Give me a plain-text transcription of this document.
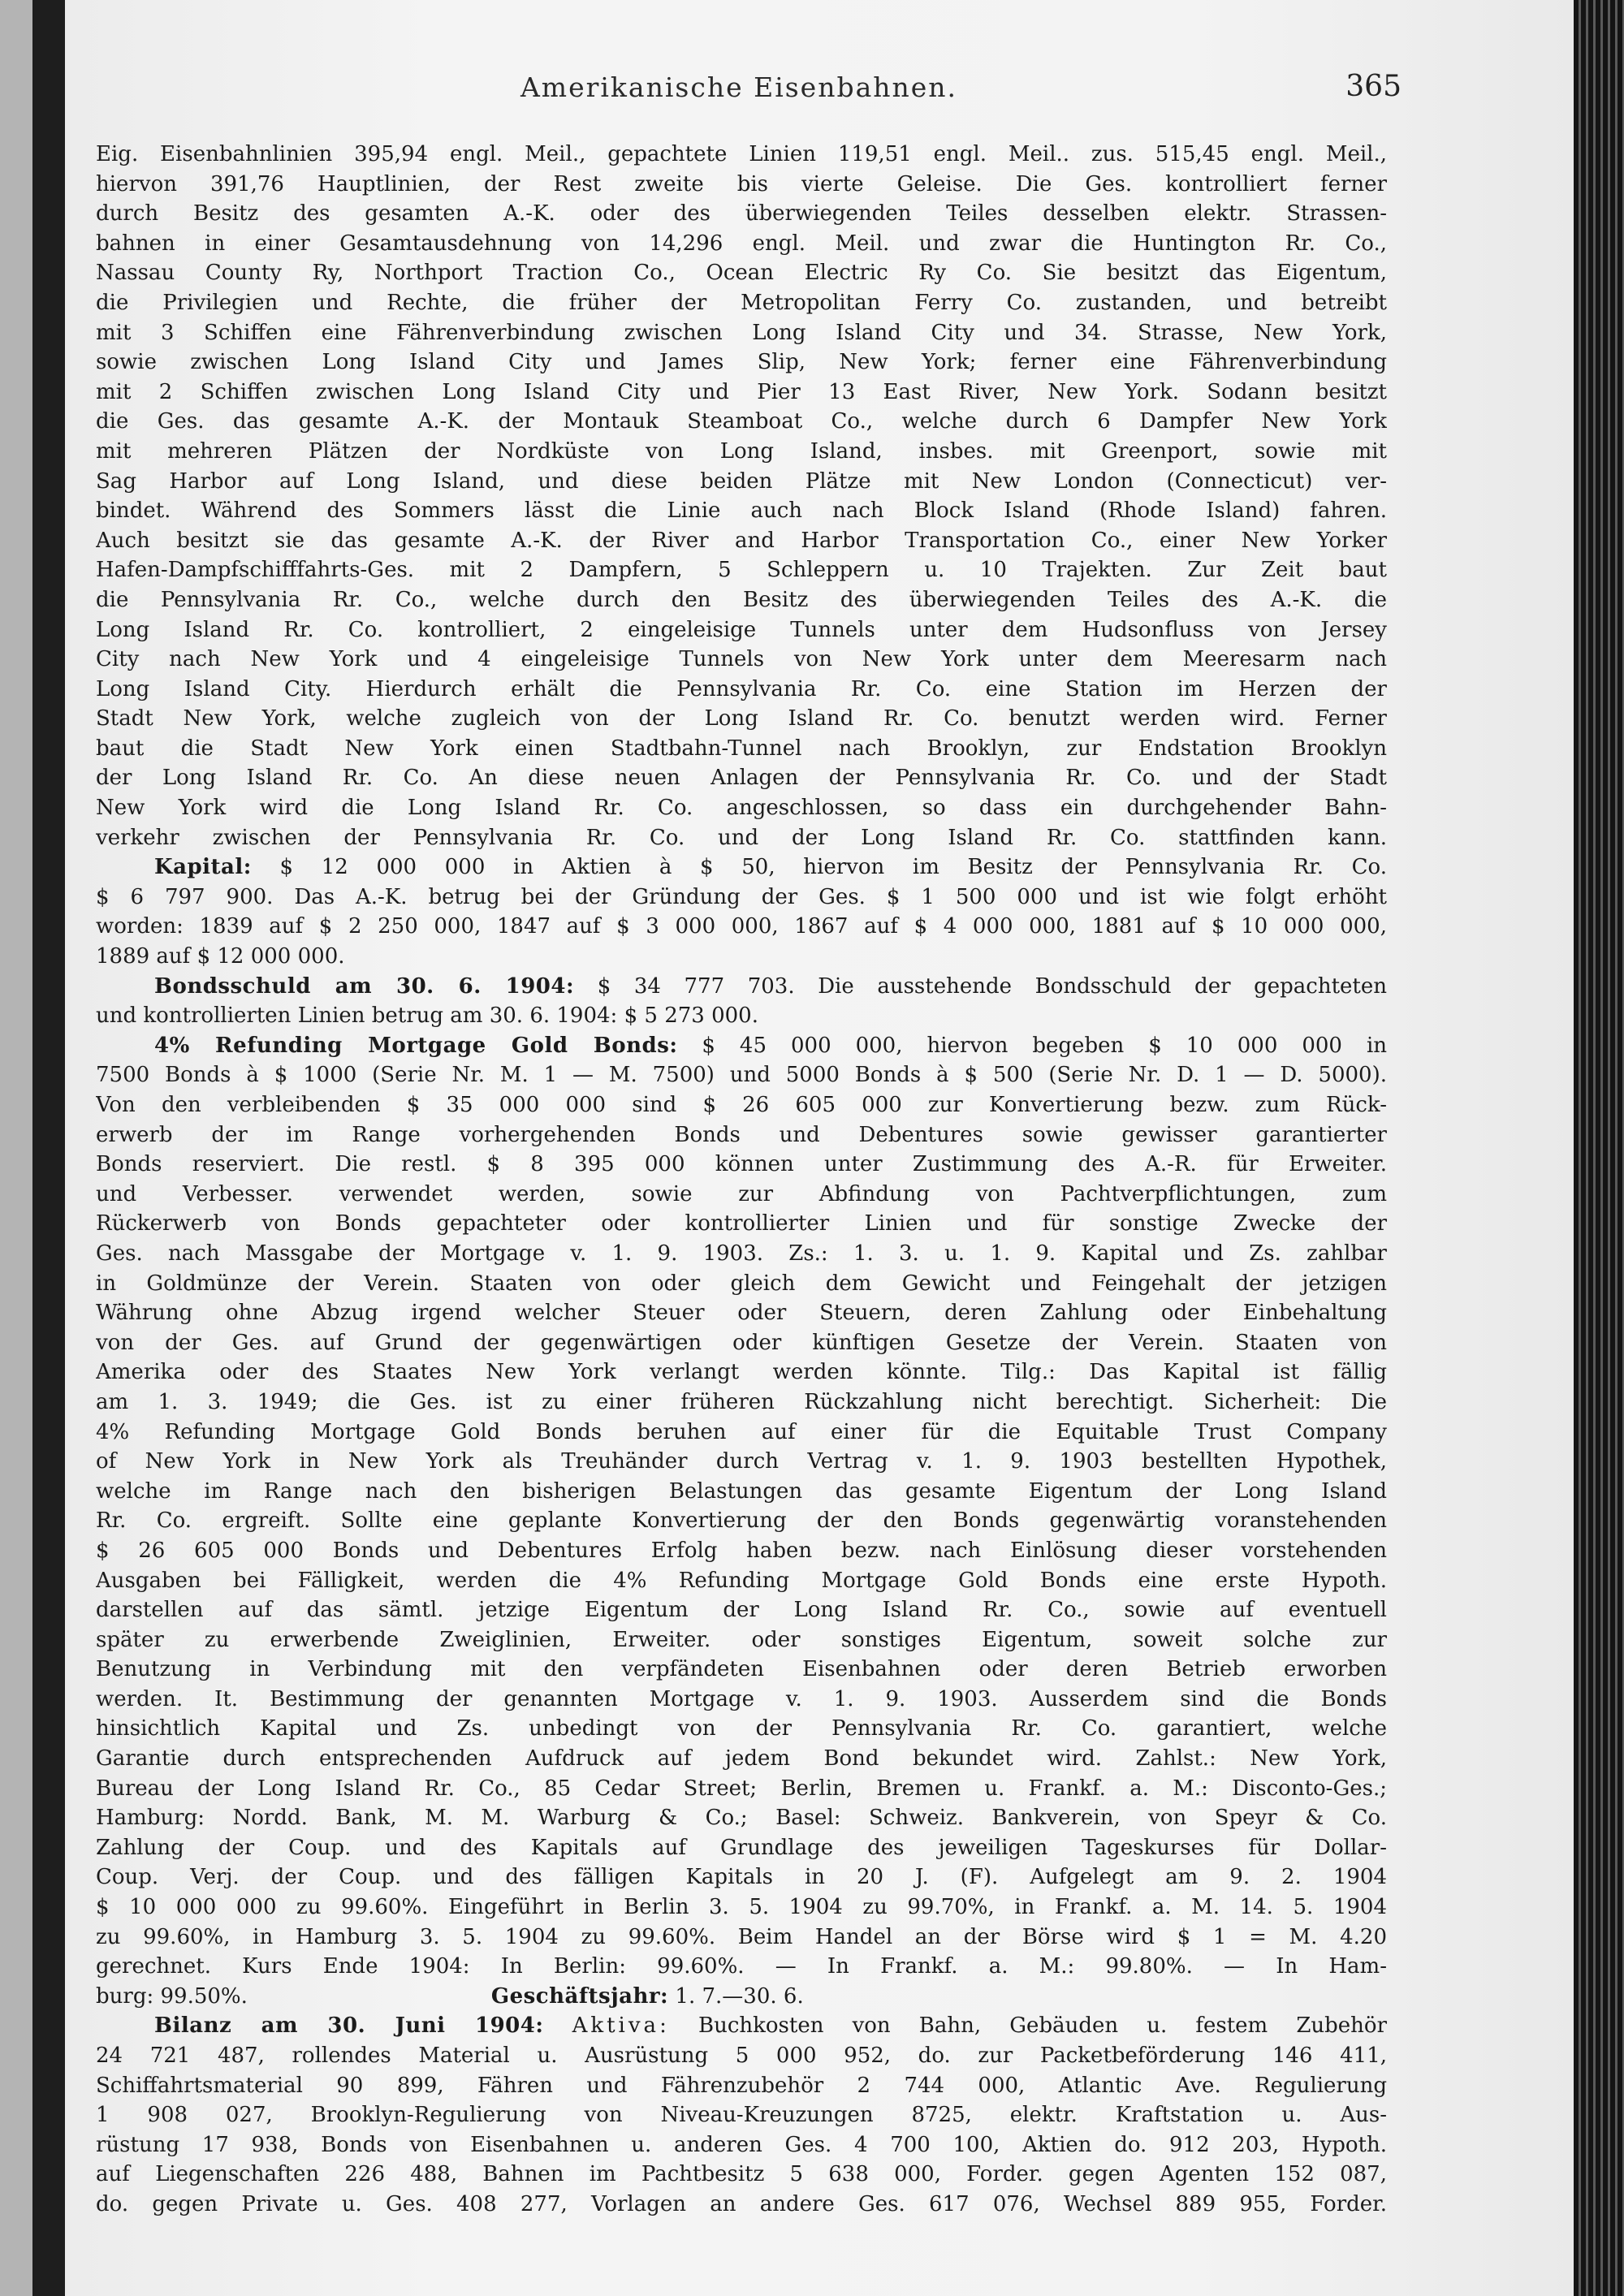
Amerikanische Eisenbahnen.	365
Eig. Eisenbahnlinien 395,94 engl. Meil., gepachtete Linien 119,51 engl. Meil.. zus. 515,45 engl. Meil.,
hiervon 391,76 Hauptlinien, der Rest zweite bis vierte Geleise. Die Ges. kontrolliert ferner
durch Besitz des gesamten A.-K. oder des überwiegenden Teiles desselben elektr. Strassen-
bahnen in einer Gesamtausdehnung von 14,296 engl. Meil. und zwar die Huntington Rr. Co.,
Nassau County Ry, Northport Traction Co., Ocean Electric Ry Co. Sie besitzt das Eigentum,
die Privilegien und Rechte, die früher der Metropolitan Ferry Co. zustanden, und betreibt
mit 3 Schiffen eine Fährenverbindung zwischen Long Island City und 34. Strasse, New York,
sowie zwischen Long Island City und James Slip, New York; ferner eine Fährenverbindung
mit 2 Schiffen zwischen Long Island City und Pier 13 East River, New York. Sodann besitzt
die Ges. das gesamte A.-K. der Montauk Steamboat Co., welche durch 6 Dampfer New York
mit mehreren Plätzen der Nordküste von Long Island, insbes. mit Greenport, sowie mit
Sag Harbor auf Long Island, und diese beiden Plätze mit New London (Connecticut) ver-
bindet. Während des Sommers lässt die Linie auch nach Block Island (Rhode Island) fahren.
Auch besitzt sie das gesamte A.-K. der River and Harbor Transportation Co., einer New Yorker
Hafen-Dampfschifffahrts-Ges. mit 2 Dampfern, 5 Schleppern u. 10 Trajekten. Zur Zeit baut
die Pennsylvania Rr. Co., welche durch den Besitz des überwiegenden Teiles des A.-K. die
Long Island Rr. Co. kontrolliert, 2 eingeleisige Tunnels unter dem Hudsonfluss von Jersey
City nach New York und 4 eingeleisige Tunnels von New York unter dem Meeresarm nach
Long Island City. Hierdurch erhält die Pennsylvania Rr. Co. eine Station im Herzen der
Stadt New York, welche zugleich von der Long Island Rr. Co. benutzt werden wird. Ferner
baut die Stadt New York einen Stadtbahn-Tunnel nach Brooklyn, zur Endstation Brooklyn
der Long Island Rr. Co. An diese neuen Anlagen der Pennsylvania Rr. Co. und der Stadt
New York wird die Long Island Rr. Co. angeschlossen, so dass ein durchgehender Bahn-
verkehr zwischen der Pennsylvania Rr. Co. und der Long Island Rr. Co. stattfinden kann.
Kapital: $ 12 000 000 in Aktien à $ 50, hiervon im Besitz der Pennsylvania Rr. Co.
$ 6 797 900. Das A.-K. betrug bei der Gründung der Ges. $ 1 500 000 und ist wie folgt erhöht
worden: 1839 auf $ 2 250 000, 1847 auf $ 3 000 000, 1867 auf $ 4 000 000, 1881 auf $ 10 000 000,
1889 auf $ 12 000 000.
Bondsschuld am 30. 6. 1904: $ 34 777 703. Die ausstehende Bondsschuld der gepachteten
und kontrollierten Linien betrug am 30. 6. 1904: $ 5 273 000.
4% Refunding Mortgage Gold Bonds: $ 45 000 000, hiervon begeben $ 10 000 000 in
7500 Bonds à $ 1000 (Serie Nr. M. 1 — M. 7500) und 5000 Bonds à $ 500 (Serie Nr. D. 1 — D. 5000).
Von den verbleibenden $ 35 000 000 sind $ 26 605 000 zur Konvertierung bezw. zum Rück-
erwerb der im Range vorhergehenden Bonds und Debentures sowie gewisser garantierter
Bonds reserviert. Die restl. $ 8 395 000 können unter Zustimmung des A.-R. für Erweiter.
und Verbesser. verwendet werden, sowie zur Abfindung von Pachtverpflichtungen, zum
Rückerwerb von Bonds gepachteter oder kontrollierter Linien und für sonstige Zwecke der
Ges. nach Massgabe der Mortgage v. 1. 9. 1903. Zs.: 1. 3. u. 1. 9. Kapital und Zs. zahlbar
in Goldmünze der Verein. Staaten von oder gleich dem Gewicht und Feingehalt der jetzigen
Währung ohne Abzug irgend welcher Steuer oder Steuern, deren Zahlung oder Einbehaltung
von der Ges. auf Grund der gegenwärtigen oder künftigen Gesetze der Verein. Staaten von
Amerika oder des Staates New York verlangt werden könnte. Tilg.: Das Kapital ist fällig
am 1. 3. 1949; die Ges. ist zu einer früheren Rückzahlung nicht berechtigt. Sicherheit: Die
4% Refunding Mortgage Gold Bonds beruhen auf einer für die Equitable Trust Company
of New York in New York als Treuhänder durch Vertrag v. 1. 9. 1903 bestellten Hypothek,
welche im Range nach den bisherigen Belastungen das gesamte Eigentum der Long Island
Rr. Co. ergreift. Sollte eine geplante Konvertierung der den Bonds gegenwärtig voranstehenden
$ 26 605 000 Bonds und Debentures Erfolg haben bezw. nach Einlösung dieser vorstehenden
Ausgaben bei Fälligkeit, werden die 4% Refunding Mortgage Gold Bonds eine erste Hypoth.
darstellen auf das sämtl. jetzige Eigentum der Long Island Rr. Co., sowie auf eventuell
später zu erwerbende Zweiglinien, Erweiter. oder sonstiges Eigentum, soweit solche zur
Benutzung in Verbindung mit den verpfändeten Eisenbahnen oder deren Betrieb erworben
werden. It. Bestimmung der genannten Mortgage v. 1. 9. 1903. Ausserdem sind die Bonds
hinsichtlich Kapital und Zs. unbedingt von der Pennsylvania Rr. Co. garantiert, welche
Garantie durch entsprechenden Aufdruck auf jedem Bond bekundet wird. Zahlst.: New York,
Bureau der Long Island Rr. Co., 85 Cedar Street; Berlin, Bremen u. Frankf. a. M.: Disconto-Ges.;
Hamburg: Nordd. Bank, M. M. Warburg & Co.; Basel: Schweiz. Bankverein, von Speyr & Co.
Zahlung der Coup. und des Kapitals auf Grundlage des jeweiligen Tageskurses für Dollar-
Coup. Verj. der Coup. und des fälligen Kapitals in 20 J. (F). Aufgelegt am 9. 2. 1904
$ 10 000 000 zu 99.60%. Eingeführt in Berlin 3. 5. 1904 zu 99.70%, in Frankf. a. M. 14. 5. 1904
zu 99.60%, in Hamburg 3. 5. 1904 zu 99.60%. Beim Handel an der Börse wird $ 1 = M. 4.20
gerechnet. Kurs Ende 1904: In Berlin: 99.60%. — In Frankf. a. M.: 99.80%. — In Ham-
burg: 99.50%.	Geschäftsjahr: 1. 7.—30. 6.
Bilanz am 30. Juni 1904: Aktiva: Buchkosten von Bahn, Gebäuden u. festem Zubehör
24 721 487, rollendes Material u. Ausrüstung 5 000 952, do. zur Packetbeförderung 146 411,
Schiffahrtsmaterial 90 899, Fähren und Fährenzubehör 2 744 000, Atlantic Ave. Regulierung
1 908 027, Brooklyn-Regulierung von Niveau-Kreuzungen 8725, elektr. Kraftstation u. Aus-
rüstung 17 938, Bonds von Eisenbahnen u. anderen Ges. 4 700 100, Aktien do. 912 203, Hypoth.
auf Liegenschaften 226 488, Bahnen im Pachtbesitz 5 638 000, Forder. gegen Agenten 152 087,
do. gegen Private u. Ges. 408 277, Vorlagen an andere Ges. 617 076, Wechsel 889 955, Forder.
